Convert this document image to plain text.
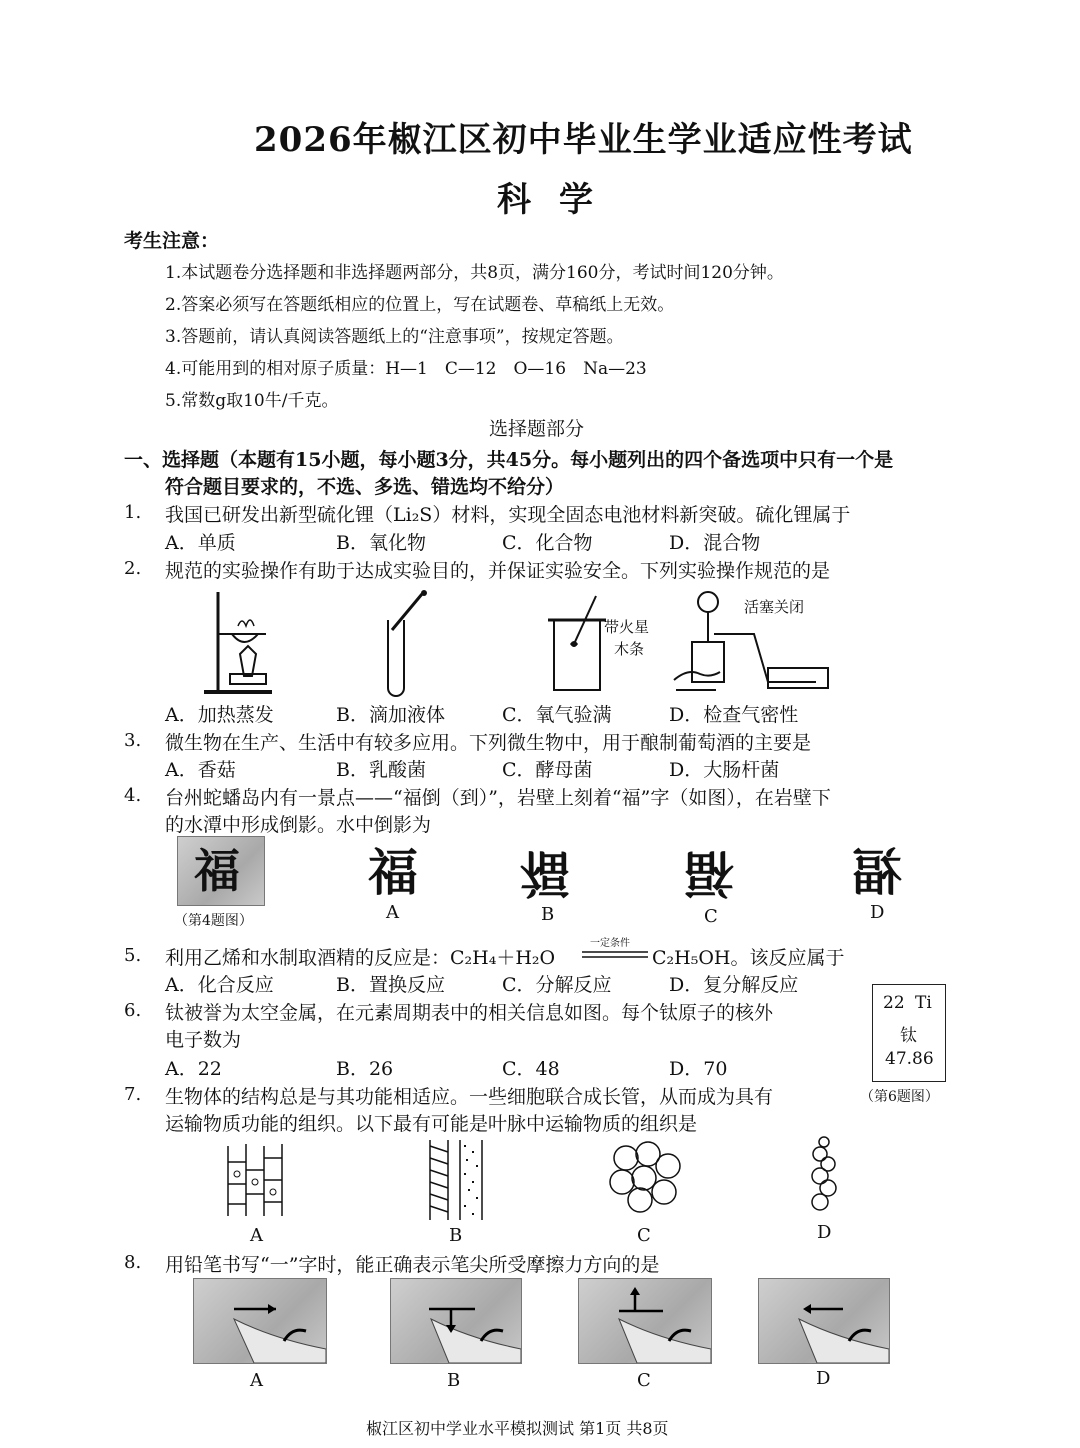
2026年椒江区初中毕业生学业适应性考试
科学
考生注意：
1.本试题卷分选择题和非选择题两部分，共8页，满分160分，考试时间120分钟。
2.答案必须写在答题纸相应的位置上，写在试题卷、草稿纸上无效。
3.答题前，请认真阅读答题纸上的“注意事项”，按规定答题。
4.可能用到的相对原子质量：H—1　C—12　O—16　Na—23
5.常数g取10牛/千克。
选择题部分
一、选择题（本题有15小题，每小题3分，共45分。每小题列出的四个备选项中只有一个是
符合题目要求的，不选、多选、错选均不给分）
1. 我国已研发出新型硫化锂（Li₂S）材料，实现全固态电池材料新突破。硫化锂属于
A．单质	B．氧化物	C．化合物	D．混合物
2. 规范的实验操作有助于达成实验目的，并保证实验安全。下列实验操作规范的是
带火星
木条
活塞关闭
A．加热蒸发	B．滴加液体	C．氧气验满	D．检查气密性
3. 微生物在生产、生活中有较多应用。下列微生物中，用于酿制葡萄酒的主要是
A．香菇	B．乳酸菌	C．酵母菌	D．大肠杆菌
4. 台州蛇蟠岛内有一景点——“福倒（到）”，岩壁上刻着“福”字（如图），在岩壁下
的水潭中形成倒影。水中倒影为
福
（第4题图）
福 福 福 福
A	B	C	D
5. 利用乙烯和水制取酒精的反应是：C₂H₄＋H₂O
一定条件
C₂H₅OH。该反应属于
A．化合反应	B．置换反应	C．分解反应	D．复分解反应
6. 钛被誉为太空金属，在元素周期表中的相关信息如图。每个钛原子的核外
电子数为
A．22	B．26	C．48	D．70
22 Ti
钛
47.86
（第6题图）
7. 生物体的结构总是与其功能相适应。一些细胞联合成长管，从而成为具有
运输物质功能的组织。以下最有可能是叶脉中运输物质的组织是
A	B	C	D
8. 用铅笔书写“一”字时，能正确表示笔尖所受摩擦力方向的是
A	B	C	D
椒江区初中学业水平模拟测试 第1页 共8页
